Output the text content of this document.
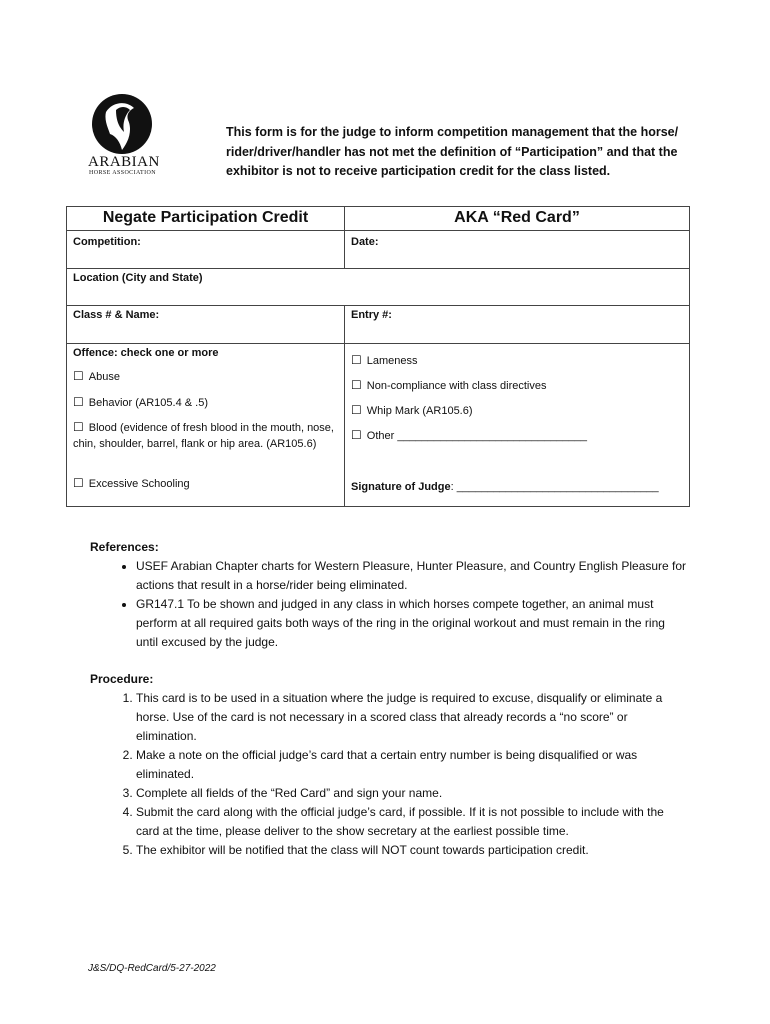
ARABIAN
HORSE ASSOCIATION
This form is for the judge to inform competition management that the horse/ rider/driver/handler has not met the definition of “Participation” and that the exhibitor is not to receive participation credit for the class listed.
Negate Participation Credit	AKA “Red Card”
Competition:	Date:
Location (City and State)
Class # & Name:	Entry #:
Offence: check one or more
☐ Abuse
☐ Behavior (AR105.4 & .5)
☐ Blood (evidence of fresh blood in the mouth, nose, chin, shoulder, barrel, flank or hip area. (AR105.6)
☐ Excessive Schooling
☐ Lameness
☐ Non-compliance with class directives
☐ Whip Mark (AR105.6)
☐ Other _______________________________
Signature of Judge: _________________________________
References:
• USEF Arabian Chapter charts for Western Pleasure, Hunter Pleasure, and Country English Pleasure for actions that result in a horse/rider being eliminated.
• GR147.1 To be shown and judged in any class in which horses compete together, an animal must perform at all required gaits both ways of the ring in the original workout and must remain in the ring until excused by the judge.
Procedure:
1. This card is to be used in a situation where the judge is required to excuse, disqualify or eliminate a horse. Use of the card is not necessary in a scored class that already records a “no score” or elimination.
2. Make a note on the official judge’s card that a certain entry number is being disqualified or was eliminated.
3. Complete all fields of the “Red Card” and sign your name.
4. Submit the card along with the official judge’s card, if possible. If it is not possible to include with the card at the time, please deliver to the show secretary at the earliest possible time.
5. The exhibitor will be notified that the class will NOT count towards participation credit.
J&S/DQ-RedCard/5-27-2022
